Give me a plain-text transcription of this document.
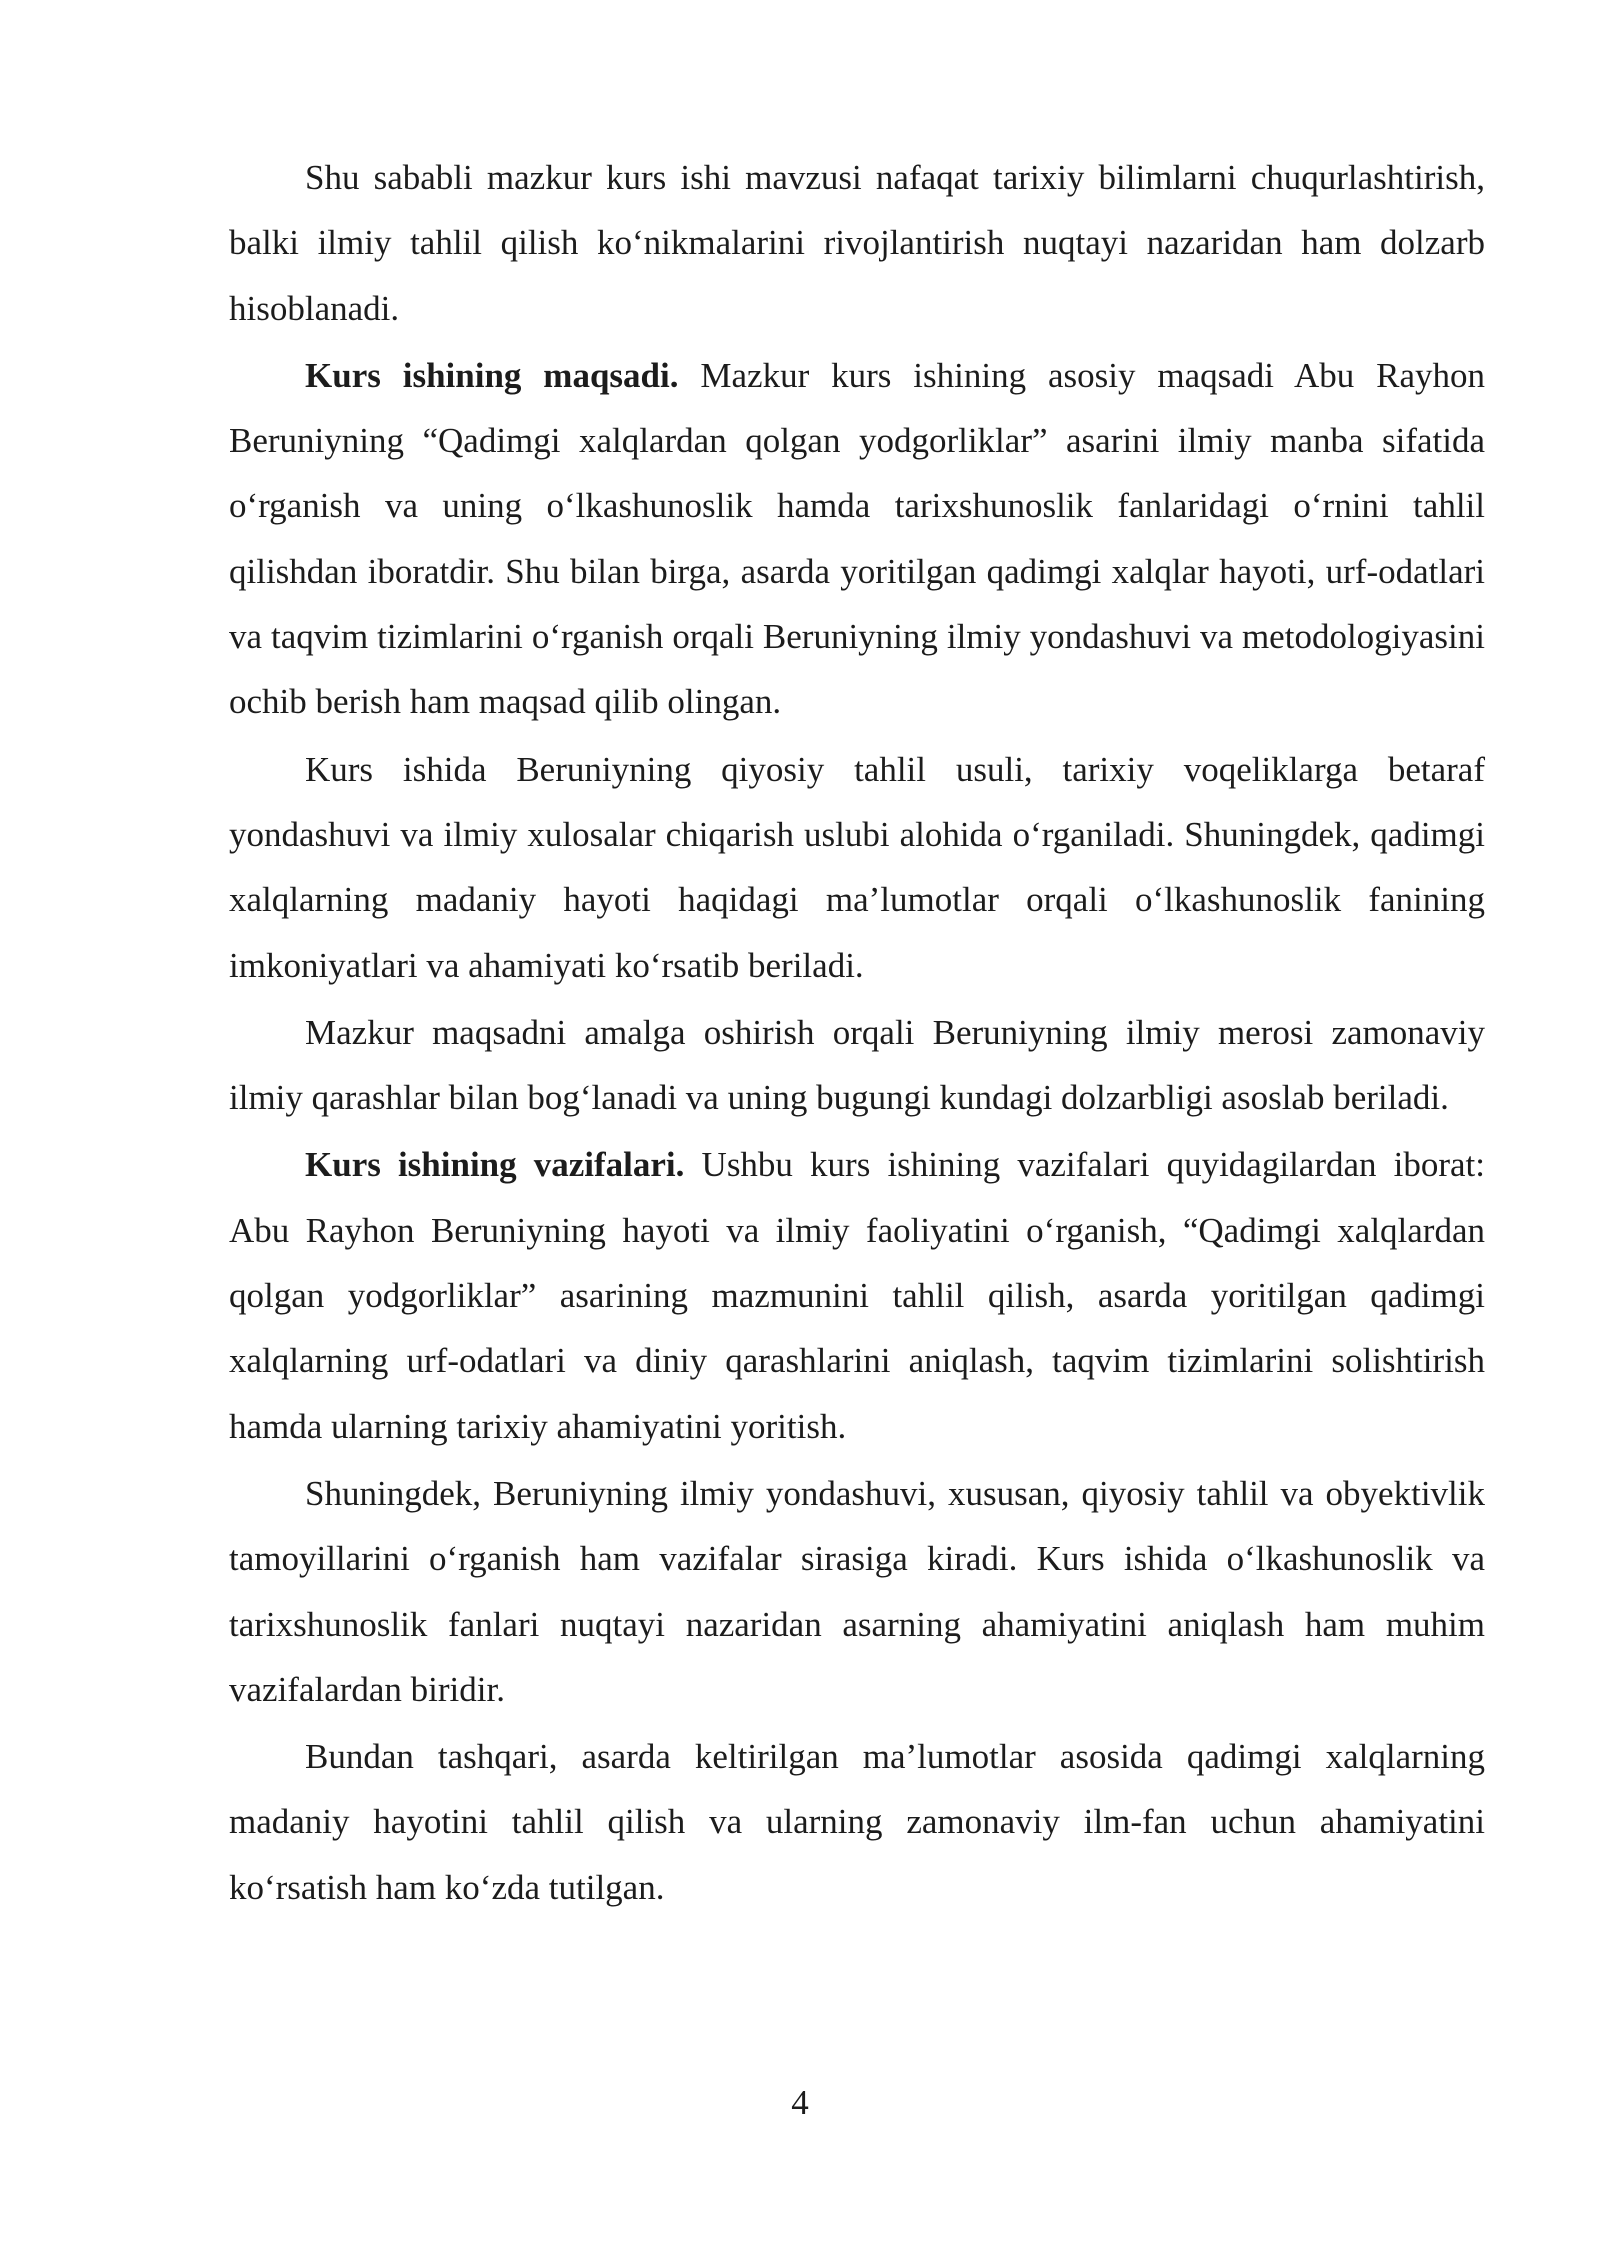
Shu sababli mazkur kurs ishi mavzusi nafaqat tarixiy bilimlarni chuqurlashtirish, balki ilmiy tahlil qilish ko‘nikmalarini rivojlantirish nuqtayi nazaridan ham dolzarb hisoblanadi.

Kurs ishining maqsadi. Mazkur kurs ishining asosiy maqsadi Abu Rayhon Beruniyning “Qadimgi xalqlardan qolgan yodgorliklar” asarini ilmiy manba sifatida o‘rganish va uning o‘lkashunoslik hamda tarixshunoslik fanlaridagi o‘rnini tahlil qilishdan iboratdir. Shu bilan birga, asarda yoritilgan qadimgi xalqlar hayoti, urf-odatlari va taqvim tizimlarini o‘rganish orqali Beruniyning ilmiy yondashuvi va metodologiyasini ochib berish ham maqsad qilib olingan.

Kurs ishida Beruniyning qiyosiy tahlil usuli, tarixiy voqeliklarga betaraf yondashuvi va ilmiy xulosalar chiqarish uslubi alohida o‘rganiladi. Shuningdek, qadimgi xalqlarning madaniy hayoti haqidagi ma’lumotlar orqali o‘lkashunoslik fanining imkoniyatlari va ahamiyati ko‘rsatib beriladi.

Mazkur maqsadni amalga oshirish orqali Beruniyning ilmiy merosi zamonaviy ilmiy qarashlar bilan bog‘lanadi va uning bugungi kundagi dolzarbligi asoslab beriladi.

Kurs ishining vazifalari. Ushbu kurs ishining vazifalari quyidagilardan iborat: Abu Rayhon Beruniyning hayoti va ilmiy faoliyatini o‘rganish, “Qadimgi xalqlardan qolgan yodgorliklar” asarining mazmunini tahlil qilish, asarda yoritilgan qadimgi xalqlarning urf-odatlari va diniy qarashlarini aniqlash, taqvim tizimlarini solishtirish hamda ularning tarixiy ahamiyatini yoritish.

Shuningdek, Beruniyning ilmiy yondashuvi, xususan, qiyosiy tahlil va obyektivlik tamoyillarini o‘rganish ham vazifalar sirasiga kiradi. Kurs ishida o‘lkashunoslik va tarixshunoslik fanlari nuqtayi nazaridan asarning ahamiyatini aniqlash ham muhim vazifalardan biridir.

Bundan tashqari, asarda keltirilgan ma’lumotlar asosida qadimgi xalqlarning madaniy hayotini tahlil qilish va ularning zamonaviy ilm-fan uchun ahamiyatini ko‘rsatish ham ko‘zda tutilgan.

4
